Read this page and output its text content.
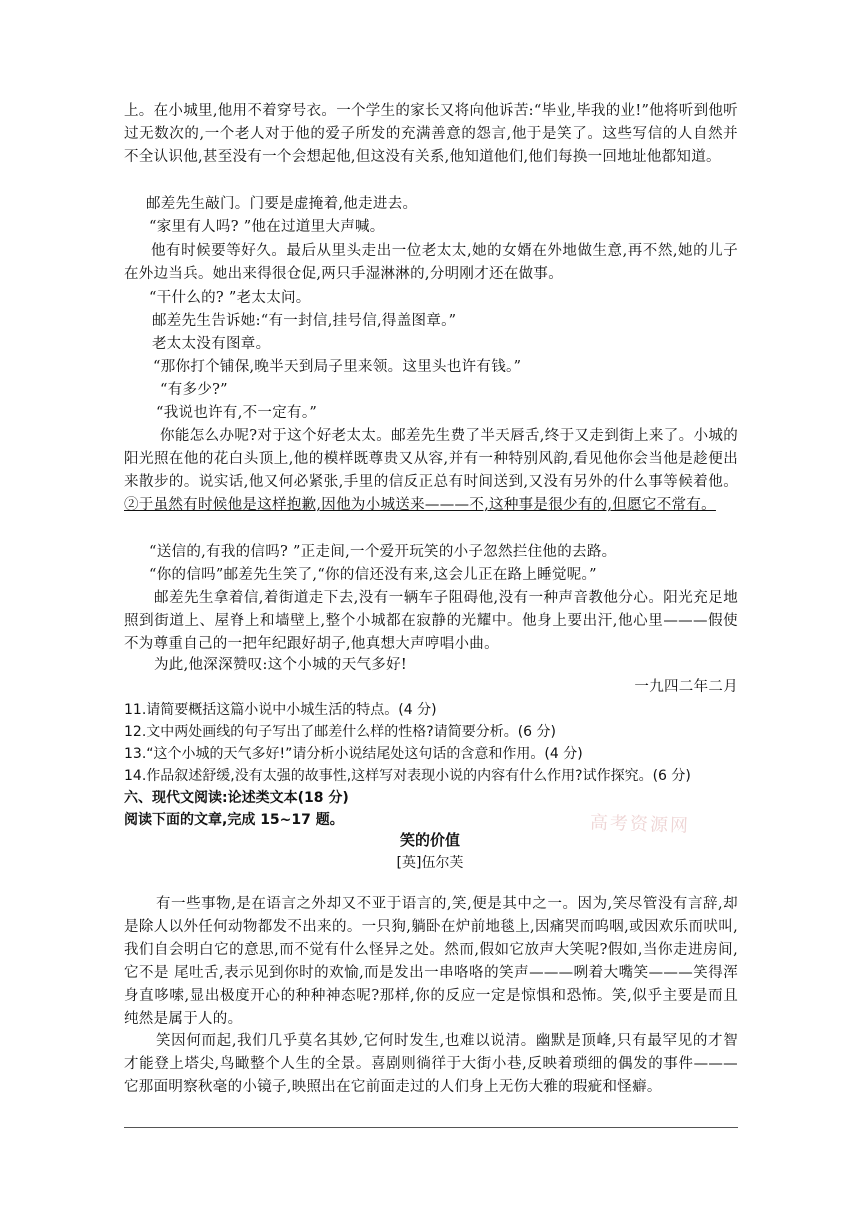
上。在小城里,他用不着穿号衣。一个学生的家长又将向他诉苦:“毕业,毕我的业!”他将听到他听过无数次的,一个老人对于他的爱子所发的充满善意的怨言,他于是笑了。这些写信的人自然并不全认识他,甚至没有一个会想起他,但这没有关系,他知道他们,他们每换一回地址他都知道。

邮差先生敲门。门要是虚掩着,他走进去。

“家里有人吗? ”他在过道里大声喊。

他有时候要等好久。最后从里头走出一位老太太,她的女婿在外地做生意,再不然,她的儿子在外边当兵。她出来得很仓促,两只手湿淋淋的,分明刚才还在做事。

“干什么的? ”老太太问。

邮差先生告诉她:“有一封信,挂号信,得盖图章。”

老太太没有图章。

“那你打个铺保,晚半天到局子里来领。这里头也许有钱。”

“有多少?”

“我说也许有,不一定有。”

你能怎么办呢?对于这个好老太太。邮差先生费了半天唇舌,终于又走到街上来了。小城的阳光照在他的花白头顶上,他的模样既尊贵又从容,并有一种特别风韵,看见他你会当他是趁便出来散步的。说实话,他又何必紧张,手里的信反正总有时间送到,又没有另外的什么事等候着他。②于虽然有时候他是这样抱歉,因他为小城送来———不,这种事是很少有的,但愿它不常有。

“送信的,有我的信吗? ”正走间,一个爱开玩笑的小子忽然拦住他的去路。

“你的信吗”邮差先生笑了,“你的信还没有来,这会儿正在路上睡觉呢。”

邮差先生拿着信,着街道走下去,没有一辆车子阻碍他,没有一种声音教他分心。阳光充足地照到街道上、屋脊上和墙壁上,整个小城都在寂静的光耀中。他身上要出汗,他心里———假使不为尊重自己的一把年纪跟好胡子,他真想大声哼唱小曲。

为此,他深深赞叹:这个小城的天气多好!

一九四二年二月

11.请简要概括这篇小说中小城生活的特点。(4 分)

12.文中两处画线的句子写出了邮差什么样的性格?请简要分析。(6 分)

13.“这个小城的天气多好!”请分析小说结尾处这句话的含意和作用。(4 分)

14.作品叙述舒缓,没有太强的故事性,这样写对表现小说的内容有什么作用?试作探究。(6 分)

六、现代文阅读:论述类文本(18 分)

阅读下面的文章,完成 15~17 题。	高考资源网

笑的价值

[英]伍尔芙

有一些事物,是在语言之外却又不亚于语言的,笑,便是其中之一。因为,笑尽管没有言辞,却是除人以外任何动物都发不出来的。一只狗,躺卧在炉前地毯上,因痛哭而呜咽,或因欢乐而吠叫,我们自会明白它的意思,而不觉有什么怪异之处。然而,假如它放声大笑呢?假如,当你走进房间,它不是 尾吐舌,表示见到你时的欢愉,而是发出一串咯咯的笑声———咧着大嘴笑———笑得浑身直哆嗦,显出极度开心的种种神态呢?那样,你的反应一定是惊惧和恐怖。笑,似乎主要是而且纯然是属于人的。

笑因何而起,我们几乎莫名其妙,它何时发生,也难以说清。幽默是顶峰,只有最罕见的才智才能登上塔尖,鸟瞰整个人生的全景。喜剧则徜徉于大街小巷,反映着琐细的偶发的事件———它那面明察秋毫的小镜子,映照出在它前面走过的人们身上无伤大雅的瑕疵和怪癖。
